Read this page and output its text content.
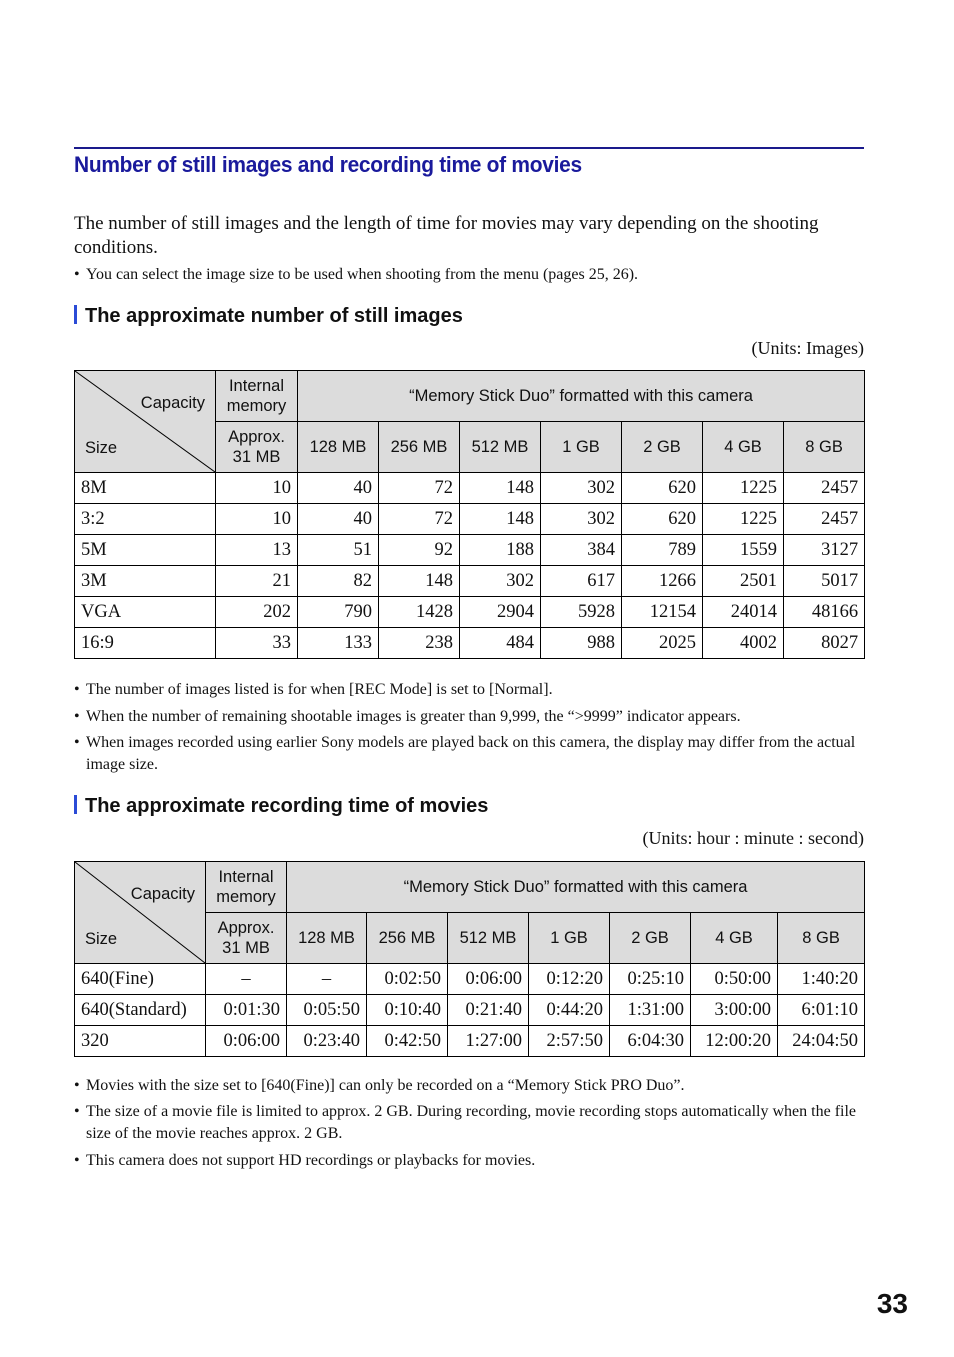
Number of still images and recording time of movies

The number of still images and the length of time for movies may vary depending on the shooting conditions.

• You can select the image size to be used when shooting from the menu (pages 25, 26).

The approximate number of still images

(Units: Images)

Capacity
Size	Internal memory	“Memory Stick Duo” formatted with this camera						
	Approx. 31 MB	128 MB	256 MB	512 MB	1 GB	2 GB	4 GB	8 GB
8M	10	40	72	148	302	620	1225	2457
3:2	10	40	72	148	302	620	1225	2457
5M	13	51	92	188	384	789	1559	3127
3M	21	82	148	302	617	1266	2501	5017
VGA	202	790	1428	2904	5928	12154	24014	48166
16:9	33	133	238	484	988	2025	4002	8027

• The number of images listed is for when [REC Mode] is set to [Normal].

• When the number of remaining shootable images is greater than 9,999, the “>9999” indicator appears.

• When images recorded using earlier Sony models are played back on this camera, the display may differ from the actual image size.

The approximate recording time of movies

(Units: hour : minute : second)

Capacity
Size	Internal memory	“Memory Stick Duo” formatted with this camera						
	Approx. 31 MB	128 MB	256 MB	512 MB	1 GB	2 GB	4 GB	8 GB
640(Fine)	–	–	0:02:50	0:06:00	0:12:20	0:25:10	0:50:00	1:40:20
640(Standard)	0:01:30	0:05:50	0:10:40	0:21:40	0:44:20	1:31:00	3:00:00	6:01:10
320	0:06:00	0:23:40	0:42:50	1:27:00	2:57:50	6:04:30	12:00:20	24:04:50

• Movies with the size set to [640(Fine)] can only be recorded on a “Memory Stick PRO Duo”.

• The size of a movie file is limited to approx. 2 GB. During recording, movie recording stops automatically when the file size of the movie reaches approx. 2 GB.

• This camera does not support HD recordings or playbacks for movies.

33
